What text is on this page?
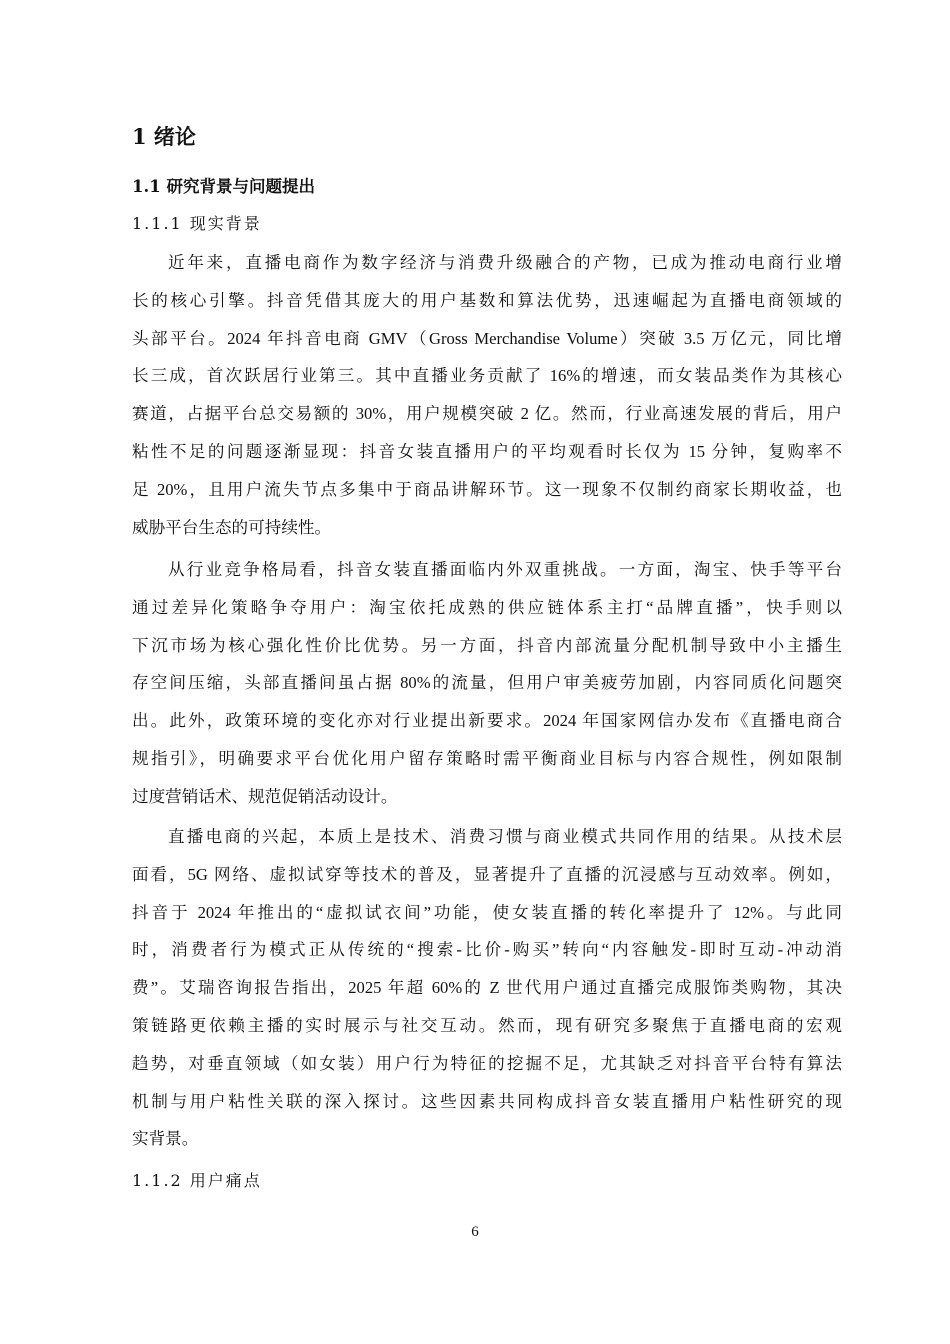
1 绪论
1.1 研究背景与问题提出
1.1.1 现实背景
近年来，直播电商作为数字经济与消费升级融合的产物，已成为推动电商行业增
长的核心引擎。抖音凭借其庞大的用户基数和算法优势，迅速崛起为直播电商领域的
头部平台。2024 年抖音电商 GMV（Gross Merchandise Volume）突破 3.5 万亿元，同比增
长三成，首次跃居行业第三。其中直播业务贡献了 16%的增速，而女装品类作为其核心
赛道，占据平台总交易额的 30%，用户规模突破 2 亿。然而，行业高速发展的背后，用户
粘性不足的问题逐渐显现：抖音女装直播用户的平均观看时长仅为 15 分钟，复购率不
足 20%，且用户流失节点多集中于商品讲解环节。这一现象不仅制约商家长期收益，也
威胁平台生态的可持续性。
从行业竞争格局看，抖音女装直播面临内外双重挑战。一方面，淘宝、快手等平台
通过差异化策略争夺用户：淘宝依托成熟的供应链体系主打“品牌直播”，快手则以
下沉市场为核心强化性价比优势。另一方面，抖音内部流量分配机制导致中小主播生
存空间压缩，头部直播间虽占据 80%的流量，但用户审美疲劳加剧，内容同质化问题突
出。此外，政策环境的变化亦对行业提出新要求。2024 年国家网信办发布《直播电商合
规指引》，明确要求平台优化用户留存策略时需平衡商业目标与内容合规性，例如限制
过度营销话术、规范促销活动设计。
直播电商的兴起，本质上是技术、消费习惯与商业模式共同作用的结果。从技术层
面看，5G 网络、虚拟试穿等技术的普及，显著提升了直播的沉浸感与互动效率。例如，
抖音于 2024 年推出的“虚拟试衣间”功能，使女装直播的转化率提升了 12%。与此同
时，消费者行为模式正从传统的“搜索-比价-购买”转向“内容触发-即时互动-冲动消
费”。艾瑞咨询报告指出，2025 年超 60%的 Z 世代用户通过直播完成服饰类购物，其决
策链路更依赖主播的实时展示与社交互动。然而，现有研究多聚焦于直播电商的宏观
趋势，对垂直领域（如女装）用户行为特征的挖掘不足，尤其缺乏对抖音平台特有算法
机制与用户粘性关联的深入探讨。这些因素共同构成抖音女装直播用户粘性研究的现
实背景。
1.1.2 用户痛点
6
